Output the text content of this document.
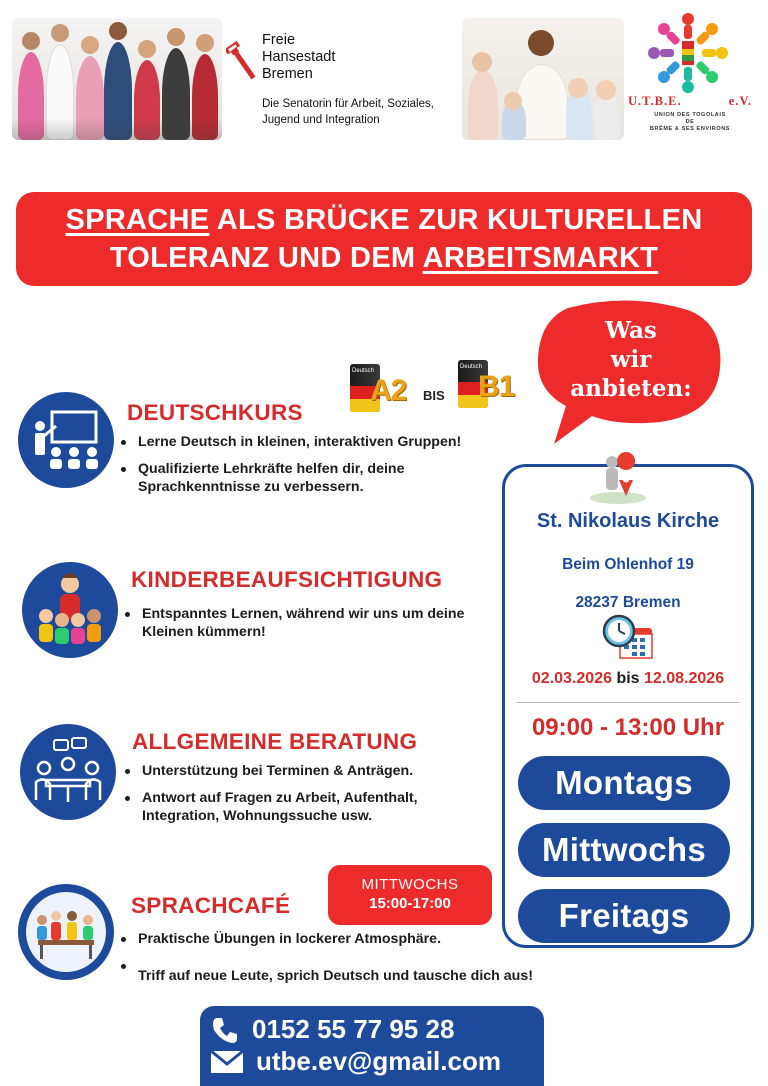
Freie
Hansestadt
Bremen
Die Senatorin für Arbeit, Soziales,
Jugend und Integration
U.T.B.E.	e.V.
UNION DES TOGOLAIS
DE
BRÊME & SES ENVIRONS
SPRACHE ALS BRÜCKE ZUR KULTURELLEN
TOLERANZ UND DEM ARBEITSMARKT
Was
wir
anbieten:
Deutsch
A2 BIS
Deutsch
B1
DEUTSCHKURS
Lerne Deutsch in kleinen, interaktiven Gruppen!
Qualifizierte Lehrkräfte helfen dir, deine Sprachkenntnisse zu verbessern.
KINDERBEAUFSICHTIGUNG
Entspanntes Lernen, während wir uns um deine Kleinen kümmern!
ALLGEMEINE BERATUNG
Unterstützung bei Terminen & Anträgen.
Antwort auf Fragen zu Arbeit, Aufenthalt, Integration, Wohnungssuche usw.
SPRACHCAFÉ
MITTWOCHS
15:00-17:00
Praktische Übungen in lockerer Atmosphäre.
Triff auf neue Leute, sprich Deutsch und tausche dich aus!
St. Nikolaus Kirche
Beim Ohlenhof 19
28237 Bremen
02.03.2026 bis 12.08.2026
09:00 - 13:00 Uhr
Montags
Mittwochs
Freitags
0152 55 77 95 28
utbe.ev@gmail.com
